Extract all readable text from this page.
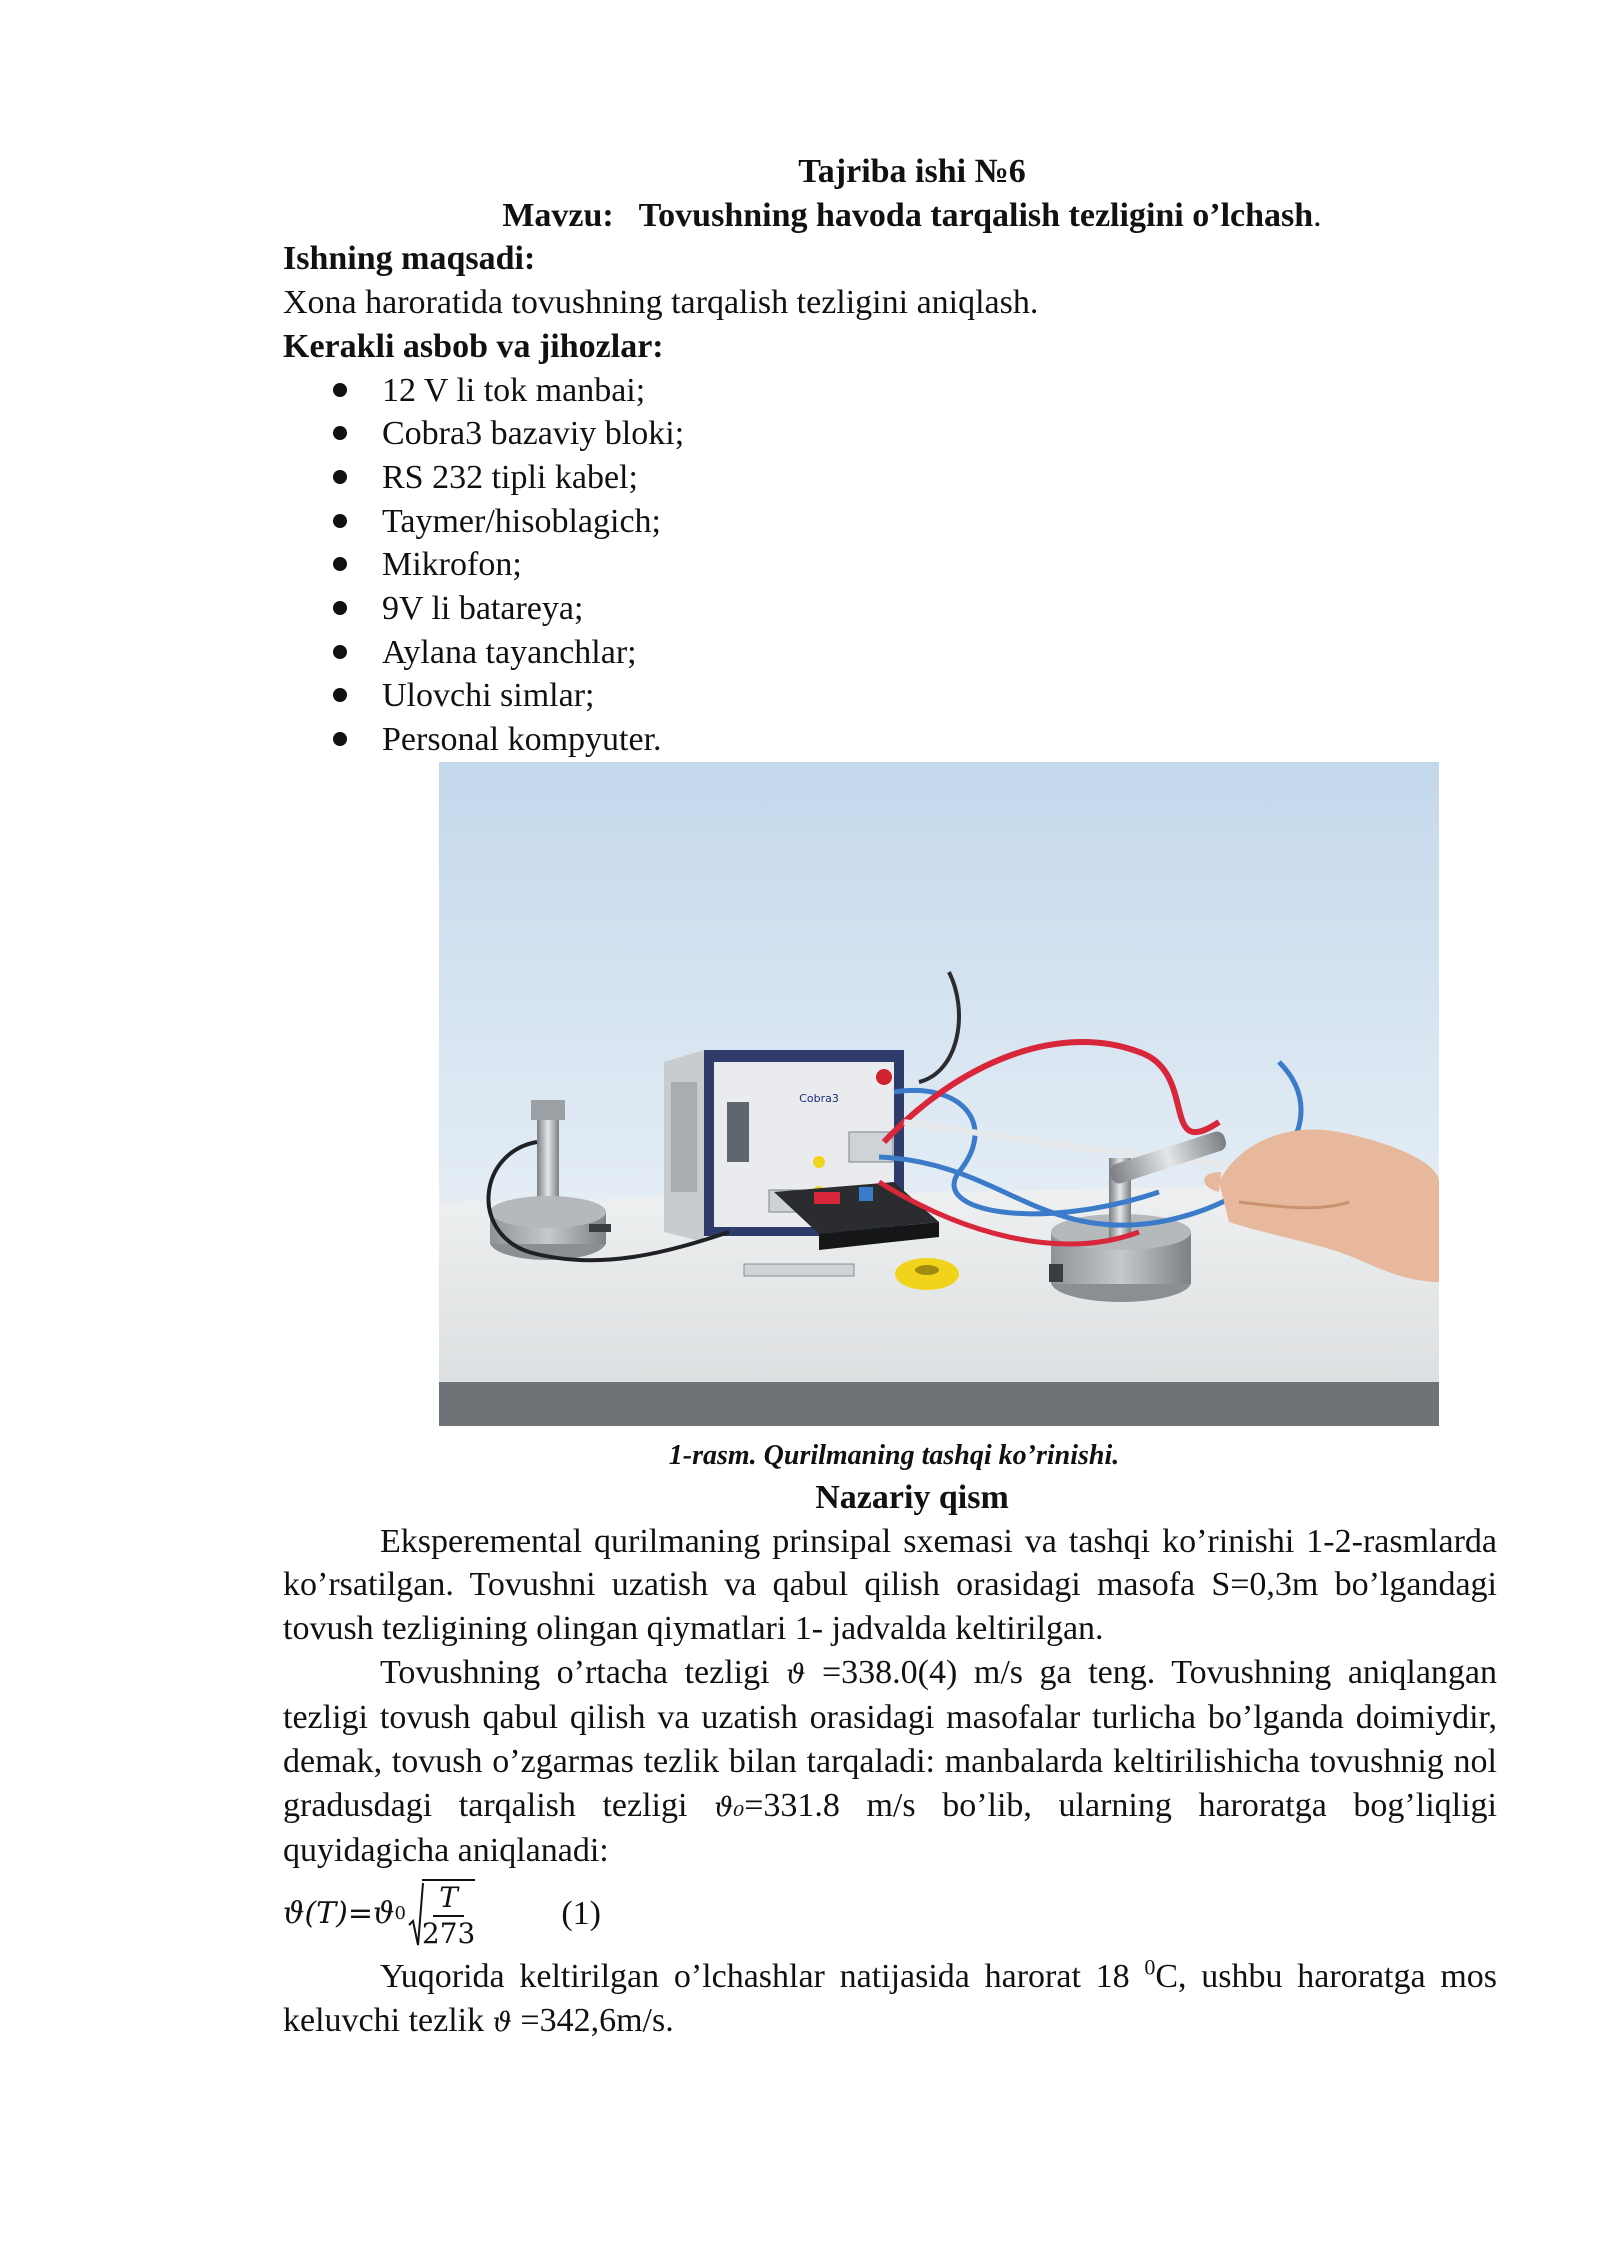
Tajriba ishi №6
Mavzu: Tovushning havoda tarqalish tezligini o’lchash.
Ishning maqsadi:
Xona haroratida tovushning tarqalish tezligini aniqlash.
Kerakli asbob va jihozlar:
12 V li tok manbai;
Cobra3 bazaviy bloki;
RS 232 tipli kabel;
Taymer/hisoblagich;
Mikrofon;
9V li batareya;
Aylana tayanchlar;
Ulovchi simlar;
Personal kompyuter.
Cobra3
1-rasm. Qurilmaning tashqi ko’rinishi.
Nazariy qism

Eksperemental qurilmaning prinsipal sxemasi va tashqi ko’rinishi 1-2-rasmlarda ko’rsatilgan. Tovushni uzatish va qabul qilish orasidagi masofa S=0,3m bo’lgandagi tovush tezligining olingan qiymatlari 1- jadvalda keltirilgan.

Tovushning o’rtacha tezligi ϑ =338.0(4) m/s ga teng. Tovushning aniqlangan tezligi tovush qabul qilish va uzatish orasidagi masofalar turlicha bo’lganda doimiydir, demak, tovush o’zgarmas tezlik bilan tarqaladi: manbalarda keltirilishicha tovushnig nol gradusdagi tarqalish tezligi ϑ₀=331.8 m/s bo’lib, ularning haroratga bog’liqligi quyidagicha aniqlanadi:

ϑ(T)=ϑ $0 \frac{T}{273}$	(1)

Yuqorida keltirilgan o’lchashlar natijasida harorat 18 $^0$C, ushbu haroratga mos keluvchi tezlik ϑ =342,6m/s.
